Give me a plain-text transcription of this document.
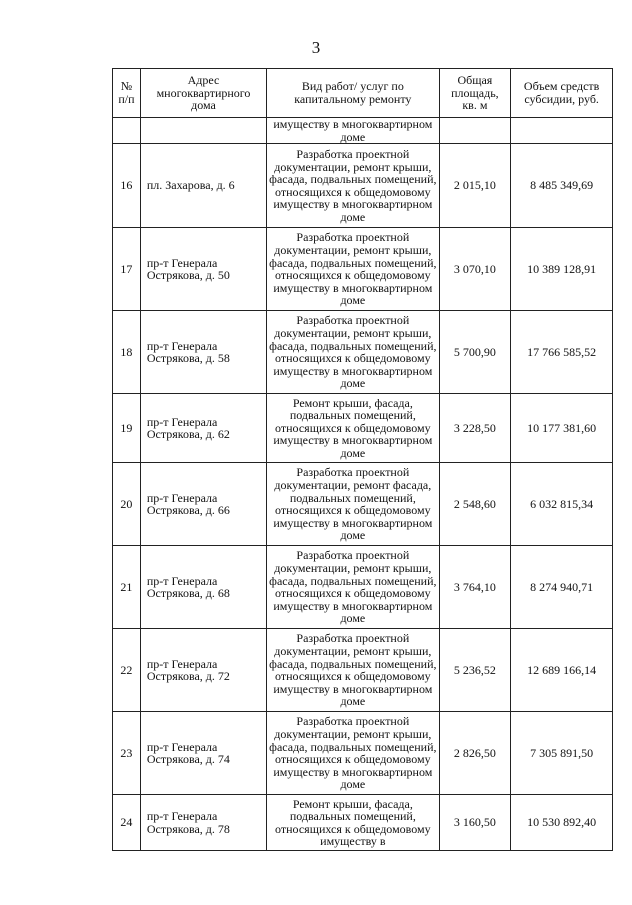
3
№ п/п	Адрес многоквартирного дома	Вид работ/ услуг по капитальному ремонту	Общая площадь, кв. м	Объем средств субсидии, руб.
		имуществу в многоквартирном доме		
16	пл. Захарова, д. 6	Разработка проектной документации, ремонт крыши, фасада, подвальных помещений, относящихся к общедомовому имуществу в многоквартирном доме	2 015,10	8 485 349,69
17	пр-т Генерала Острякова, д. 50	Разработка проектной документации, ремонт крыши, фасада, подвальных помещений, относящихся к общедомовому имуществу в многоквартирном доме	3 070,10	10 389 128,91
18	пр-т Генерала Острякова, д. 58	Разработка проектной документации, ремонт крыши, фасада, подвальных помещений, относящихся к общедомовому имуществу в многоквартирном доме	5 700,90	17 766 585,52
19	пр-т Генерала Острякова, д. 62	Ремонт крыши, фасада, подвальных помещений, относящихся к общедомовому имуществу в многоквартирном доме	3 228,50	10 177 381,60
20	пр-т Генерала Острякова, д. 66	Разработка проектной документации, ремонт фасада, подвальных помещений, относящихся к общедомовому имуществу в многоквартирном доме	2 548,60	6 032 815,34
21	пр-т Генерала Острякова, д. 68	Разработка проектной документации, ремонт крыши, фасада, подвальных помещений, относящихся к общедомовому имуществу в многоквартирном доме	3 764,10	8 274 940,71
22	пр-т Генерала Острякова, д. 72	Разработка проектной документации, ремонт крыши, фасада, подвальных помещений, относящихся к общедомовому имуществу в многоквартирном доме	5 236,52	12 689 166,14
23	пр-т Генерала Острякова, д. 74	Разработка проектной документации, ремонт крыши, фасада, подвальных помещений, относящихся к общедомовому имуществу в многоквартирном доме	2 826,50	7 305 891,50
24	пр-т Генерала Острякова, д. 78	Ремонт крыши, фасада, подвальных помещений, относящихся к общедомовому имуществу в	3 160,50	10 530 892,40
